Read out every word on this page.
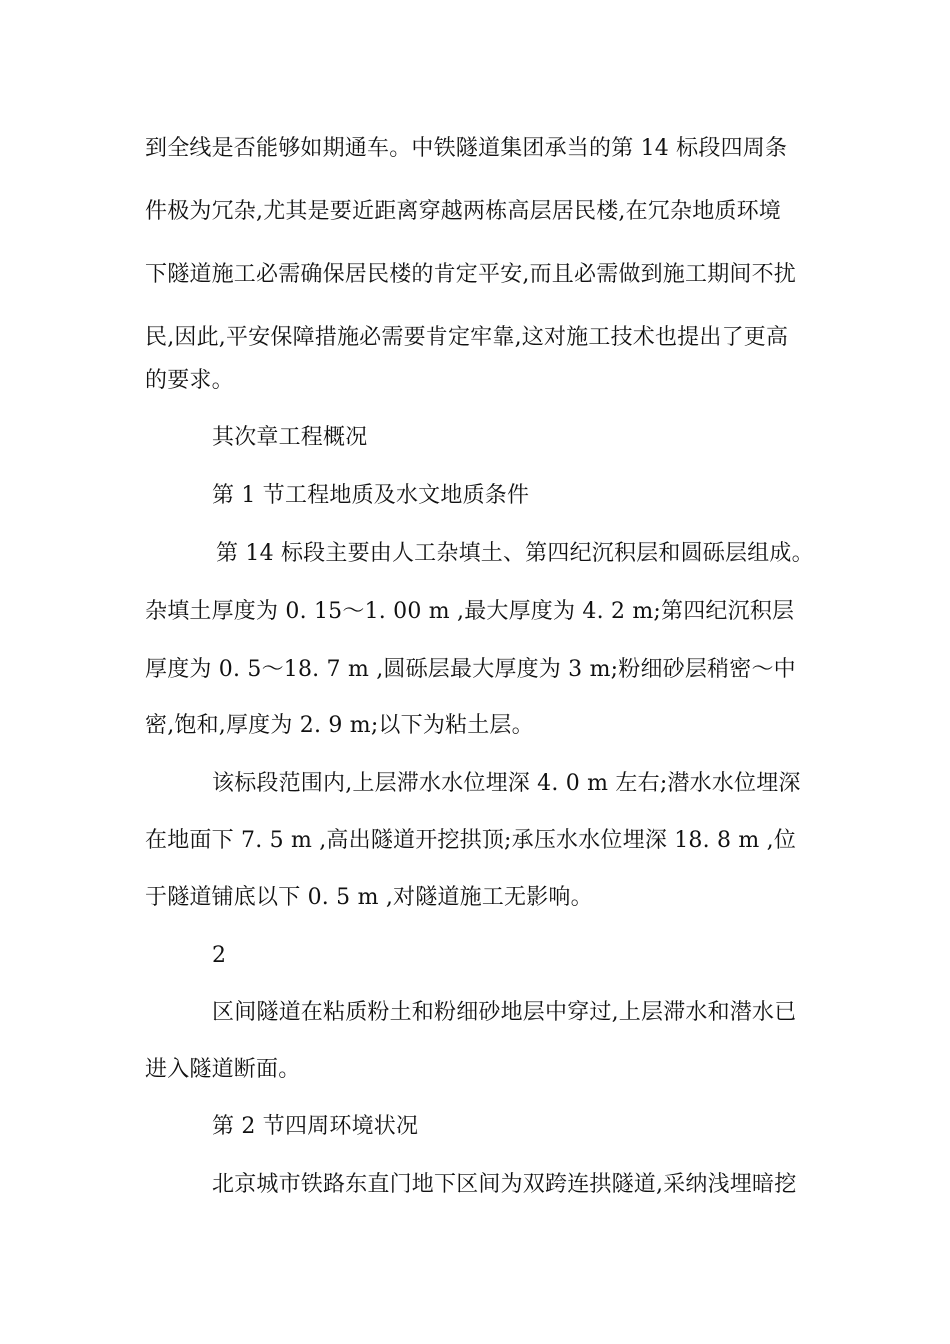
到全线是否能够如期通车。中铁隧道集团承当的第 14 标段四周条
件极为冗杂,尤其是要近距离穿越两栋高层居民楼,在冗杂地质环境
下隧道施工必需确保居民楼的肯定平安,而且必需做到施工期间不扰
民,因此,平安保障措施必需要肯定牢靠,这对施工技术也提出了更高
的要求。
其次章工程概况
第 1 节工程地质及水文地质条件
第 14 标段主要由人工杂填土、第四纪沉积层和圆砾层组成。
杂填土厚度为 0. 15～1. 00 m ,最大厚度为 4. 2 m;第四纪沉积层
厚度为 0. 5～18. 7 m ,圆砾层最大厚度为 3 m;粉细砂层稍密～中
密,饱和,厚度为 2. 9 m;以下为粘土层。
该标段范围内,上层滞水水位埋深 4. 0 m 左右;潜水水位埋深
在地面下 7. 5 m ,高出隧道开挖拱顶;承压水水位埋深 18. 8 m ,位
于隧道铺底以下 0. 5 m ,对隧道施工无影响。
2
区间隧道在粘质粉土和粉细砂地层中穿过,上层滞水和潜水已
进入隧道断面。
第 2 节四周环境状况
北京城市铁路东直门地下区间为双跨连拱隧道,采纳浅埋暗挖
